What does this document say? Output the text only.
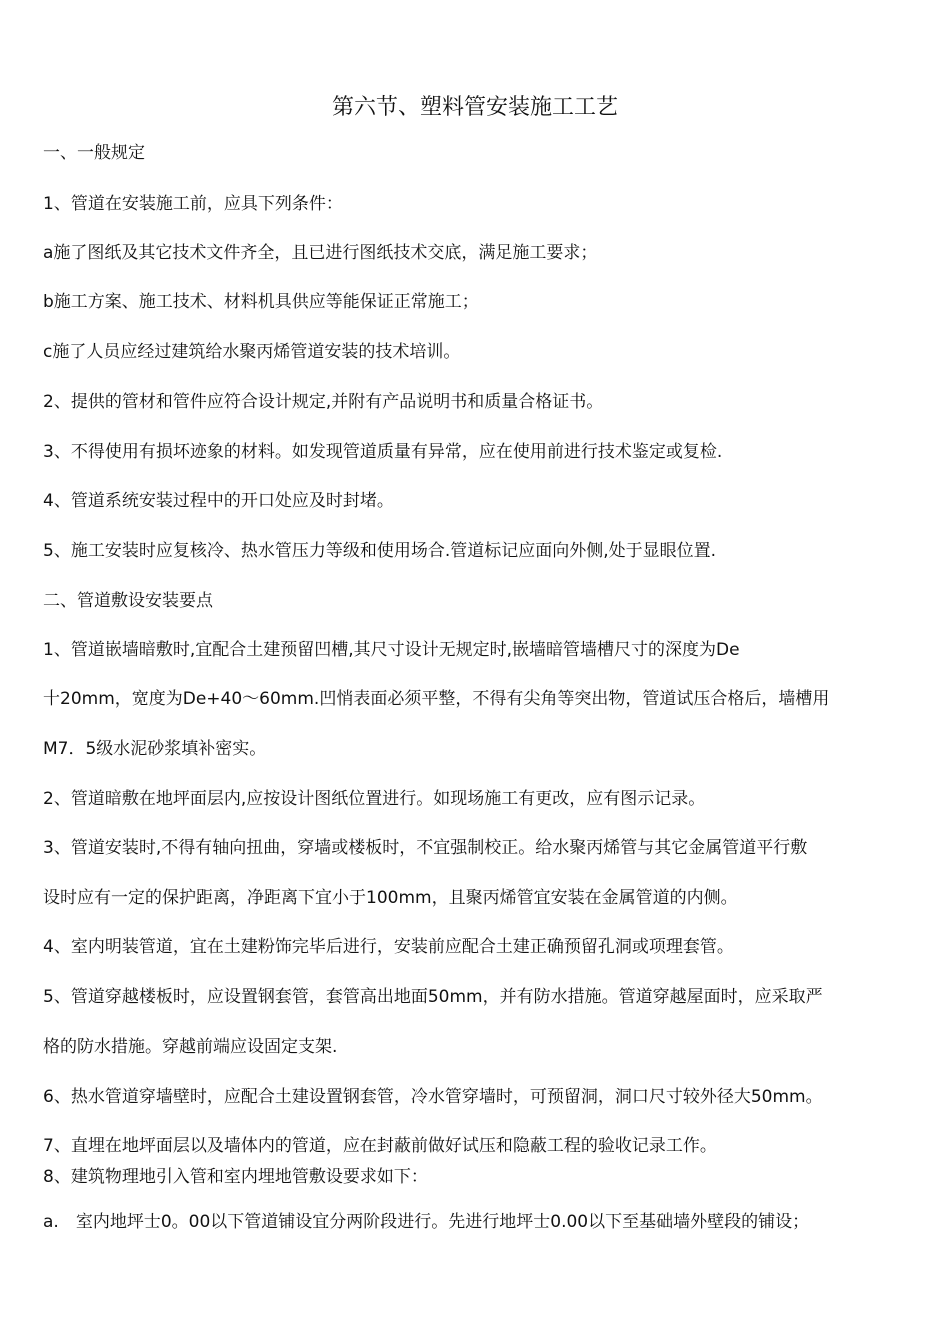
第六节、塑料管安装施工工艺
一、一般规定
1、管道在安装施工前，应具下列条件：
a施了图纸及其它技术文件齐全，且已进行图纸技术交底，满足施工要求；
b施工方案、施工技术、材料机具供应等能保证正常施工；
c施了人员应经过建筑给水聚丙烯管道安装的技术培训。
2、提供的管材和管件应符合设计规定,并附有产品说明书和质量合格证书。
3、不得使用有损坏迹象的材料。如发现管道质量有异常，应在使用前进行技术鉴定或复检.
4、管道系统安装过程中的开口处应及时封堵。
5、施工安装时应复核冷、热水管压力等级和使用场合.管道标记应面向外侧,处于显眼位置.
二、管道敷设安装要点
1、管道嵌墙暗敷时,宜配合土建预留凹槽,其尺寸设计无规定时,嵌墙暗管墙槽尺寸的深度为De
十20mm，宽度为De+40〜60mm.凹悄表面必须平整，不得有尖角等突出物，管道试压合格后，墙槽用
M7．5级水泥砂浆填补密实。
2、管道暗敷在地坪面层内,应按设计图纸位置进行。如现场施工有更改，应有图示记录。
3、管道安装时,不得有轴向扭曲，穿墙或楼板时，不宜强制校正。给水聚丙烯管与其它金属管道平行敷
设时应有一定的保护距离，净距离下宜小于100mm，且聚丙烯管宜安装在金属管道的内侧。
4、室内明装管道，宜在土建粉饰完毕后进行，安装前应配合土建正确预留孔洞或项理套管。
5、管道穿越楼板时，应设置钢套管，套管高出地面50mm，并有防水措施。管道穿越屋面时，应采取严
格的防水措施。穿越前端应设固定支架.
6、热水管道穿墙壁时，应配合土建设置钢套管，冷水管穿墙时，可预留洞，洞口尺寸较外径大50mm。
7、直埋在地坪面层以及墙体内的管道，应在封蔽前做好试压和隐蔽工程的验收记录工作。
8、建筑物理地引入管和室内埋地管敷设要求如下：
a.　室内地坪士0。00以下管道铺设宜分两阶段进行。先进行地坪士0.00以下至基础墙外壁段的铺设；
